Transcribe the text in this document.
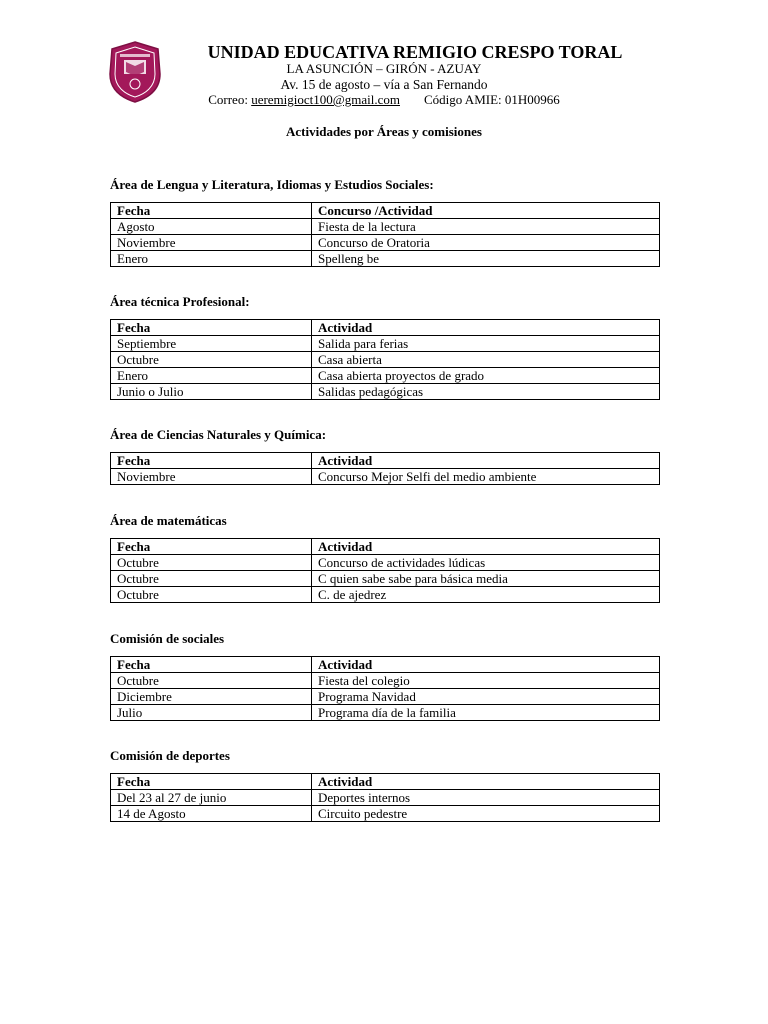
UNIDAD EDUCATIVA REMIGIO CRESPO TORAL
LA ASUNCIÓN – GIRÓN - AZUAY
Av. 15 de agosto – vía a San Fernando
Correo: ueremigioct100@gmail.com Código AMIE: 01H00966
Actividades por Áreas y comisiones
Área de Lengua y Literatura, Idiomas y Estudios Sociales:
Fecha	Concurso /Actividad
Agosto	Fiesta de la lectura
Noviembre	Concurso de Oratoria
Enero	Spelleng be
Área técnica Profesional:
Fecha	Actividad
Septiembre	Salida para ferias
Octubre	Casa abierta
Enero	Casa abierta proyectos de grado
Junio o Julio	Salidas pedagógicas
Área de Ciencias Naturales y Química:
Fecha	Actividad
Noviembre	Concurso Mejor Selfi del medio ambiente
Área de matemáticas
Fecha	Actividad
Octubre	Concurso de actividades lúdicas
Octubre	C quien sabe sabe para básica media
Octubre	C. de ajedrez
Comisión de sociales
Fecha	Actividad
Octubre	Fiesta del colegio
Diciembre	Programa Navidad
Julio	Programa día de la familia
Comisión de deportes
Fecha	Actividad
Del 23 al 27 de junio	Deportes internos
14 de Agosto	Circuito pedestre
